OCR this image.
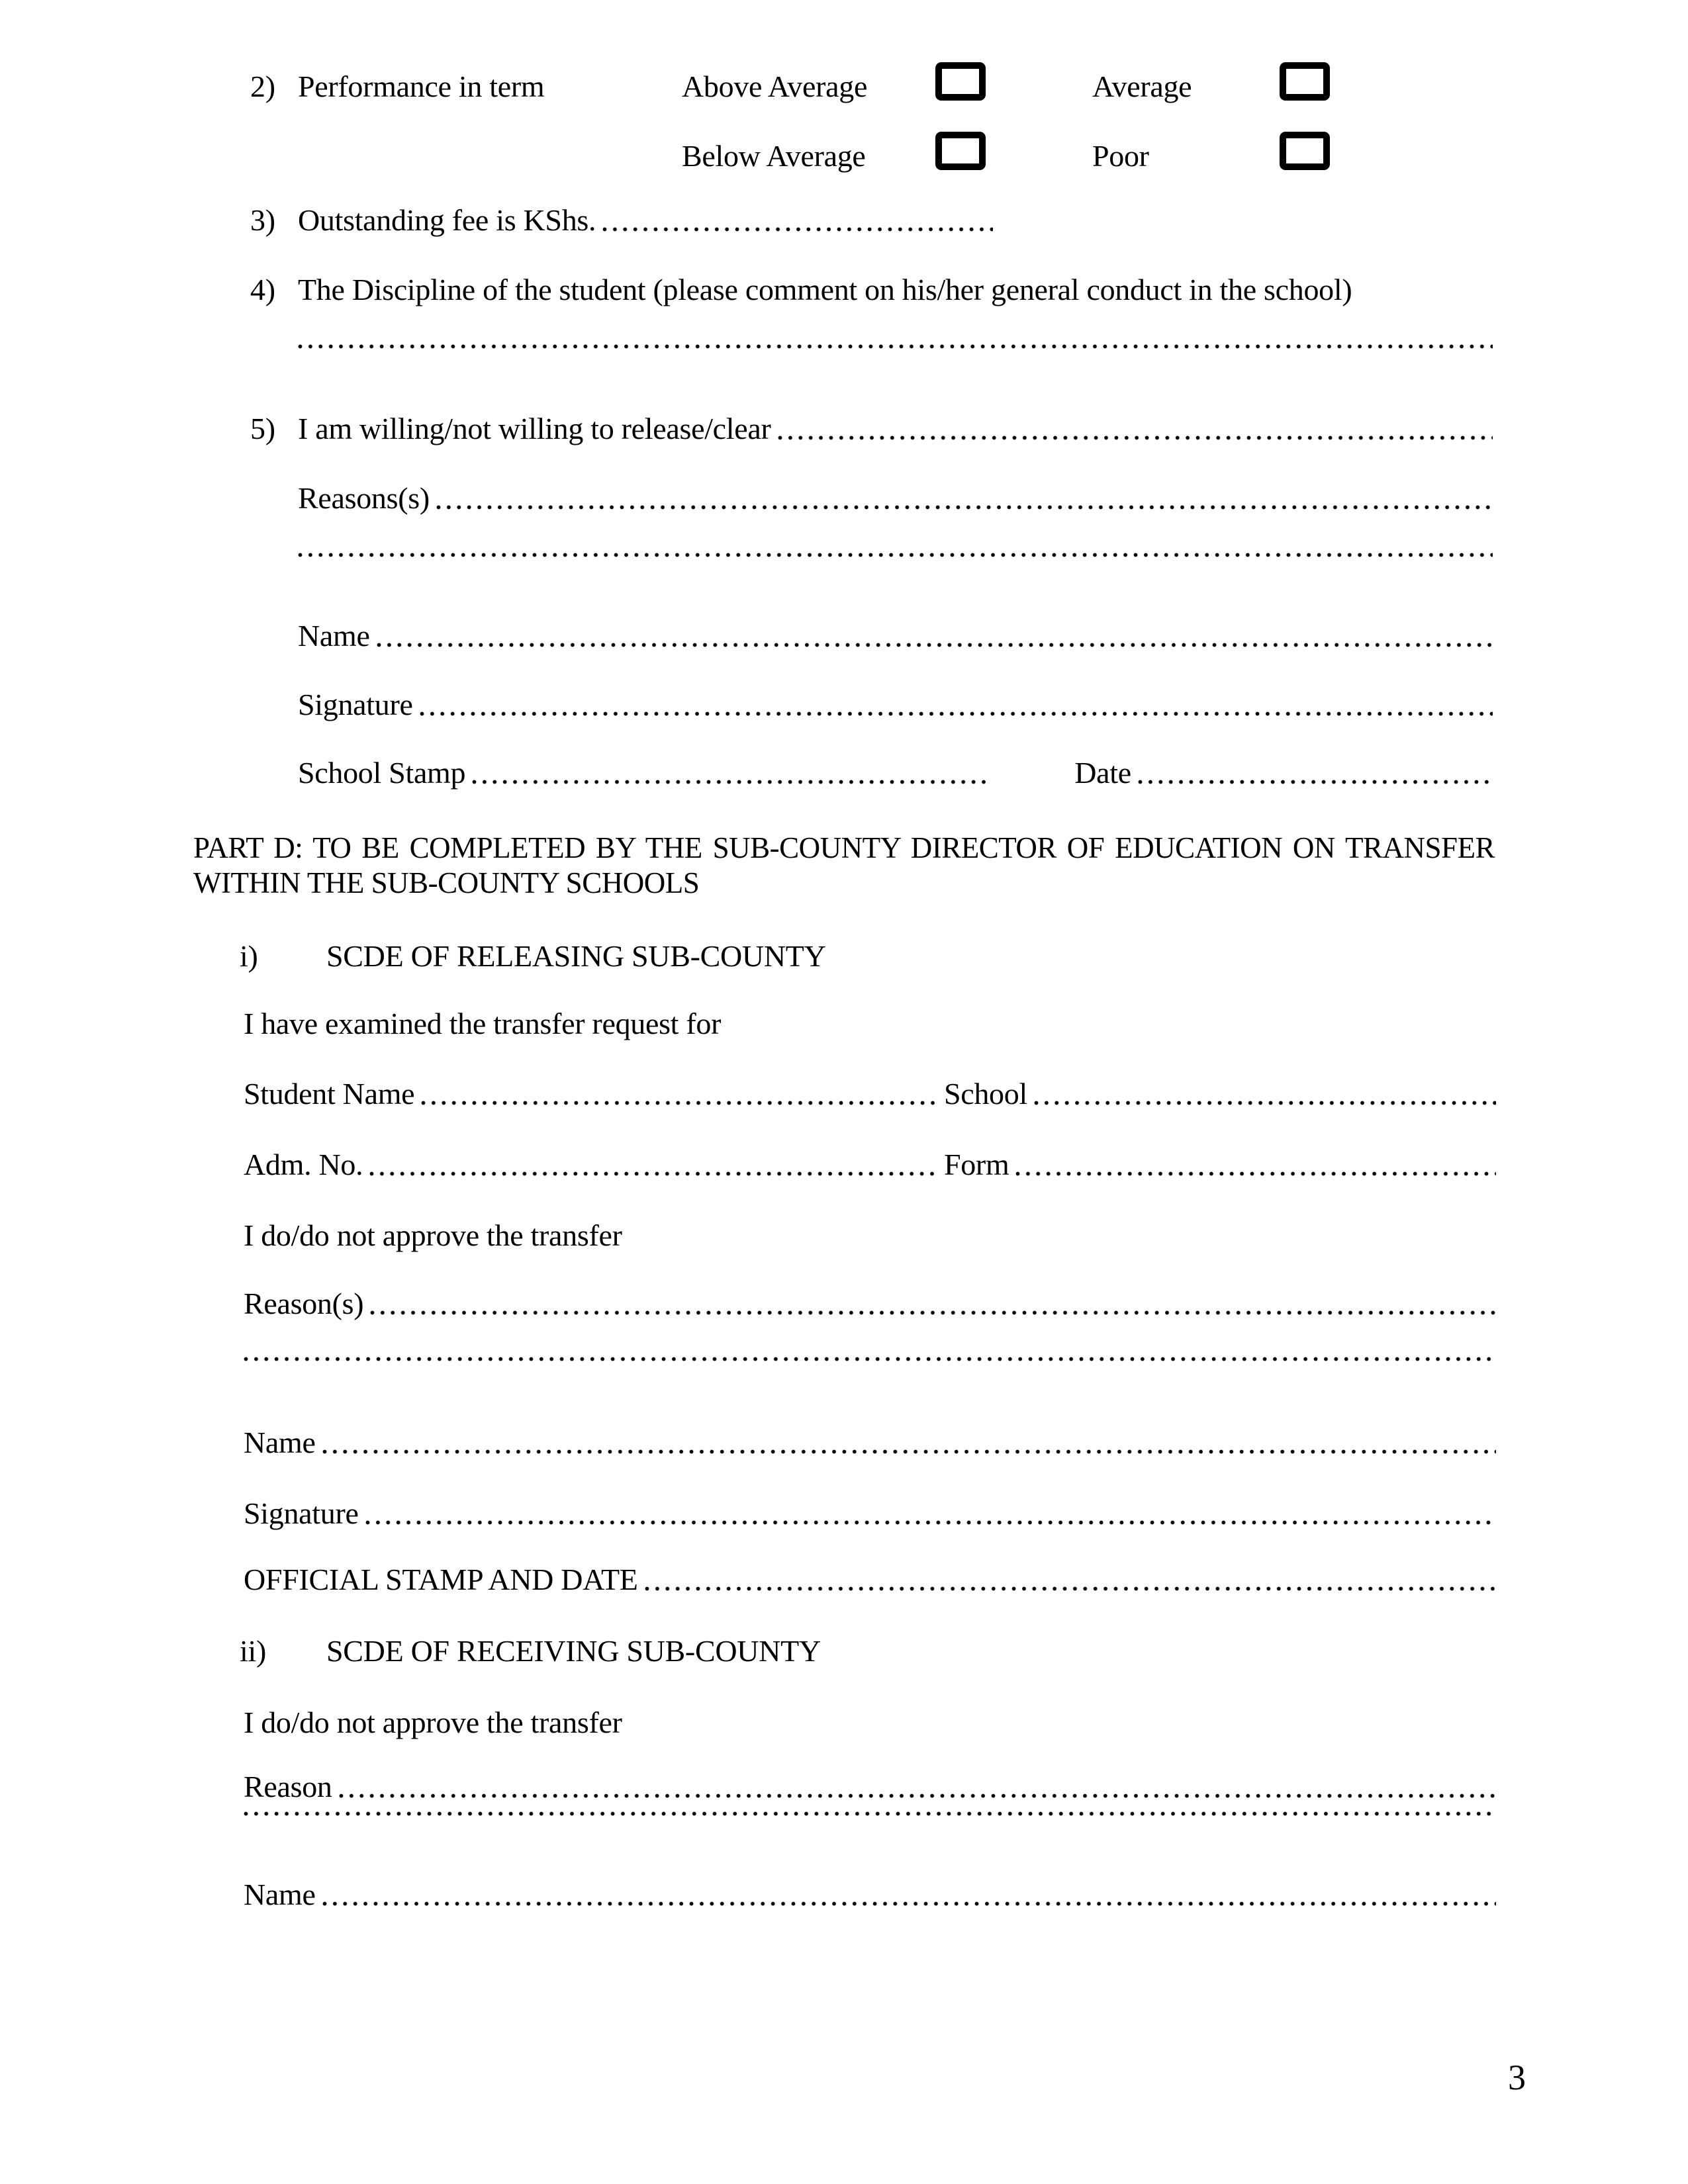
2) Performance in term	Above Average	Average
Below Average	Poor
3) Outstanding fee is KShs.
4) The Discipline of the student (please comment on his/her general conduct in the school)
5) I am willing/not willing to release/clear
Reasons(s)
Name
Signature
School Stamp	Date
PART D: TO BE COMPLETED BY THE SUB-COUNTY DIRECTOR OF EDUCATION ON TRANSFER
WITHIN THE SUB-COUNTY SCHOOLS
i)	SCDE OF RELEASING SUB-COUNTY
I have examined the transfer request for
Student Name	School
Adm. No.	Form
I do/do not approve the transfer
Reason(s)
Name
Signature
OFFICIAL STAMP AND DATE
ii)	SCDE OF RECEIVING SUB-COUNTY
I do/do not approve the transfer
Reason
Name
3
